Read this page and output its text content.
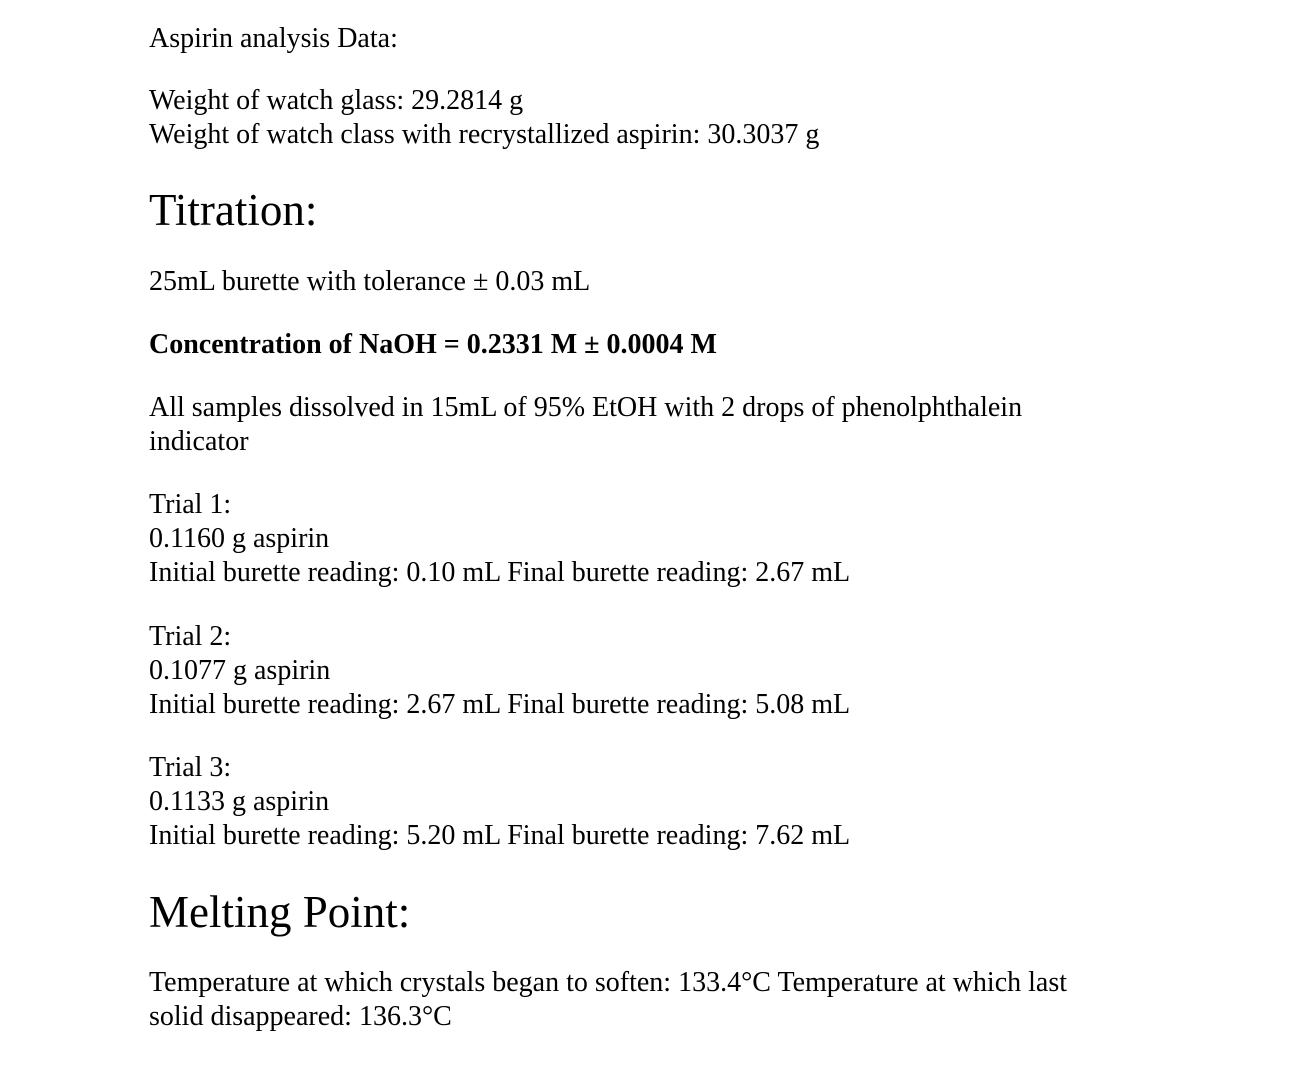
Aspirin analysis Data:
Weight of watch glass: 29.2814 g
Weight of watch class with recrystallized aspirin: 30.3037 g
Titration:
25mL burette with tolerance ± 0.03 mL
Concentration of NaOH = 0.2331 M ± 0.0004 M
All samples dissolved in 15mL of 95% EtOH with 2 drops of phenolphthalein
indicator
Trial 1:
0.1160 g aspirin
Initial burette reading: 0.10 mL Final burette reading: 2.67 mL
Trial 2:
0.1077 g aspirin
Initial burette reading: 2.67 mL Final burette reading: 5.08 mL
Trial 3:
0.1133 g aspirin
Initial burette reading: 5.20 mL Final burette reading: 7.62 mL
Melting Point:
Temperature at which crystals began to soften: 133.4°C Temperature at which last
solid disappeared: 136.3°C
